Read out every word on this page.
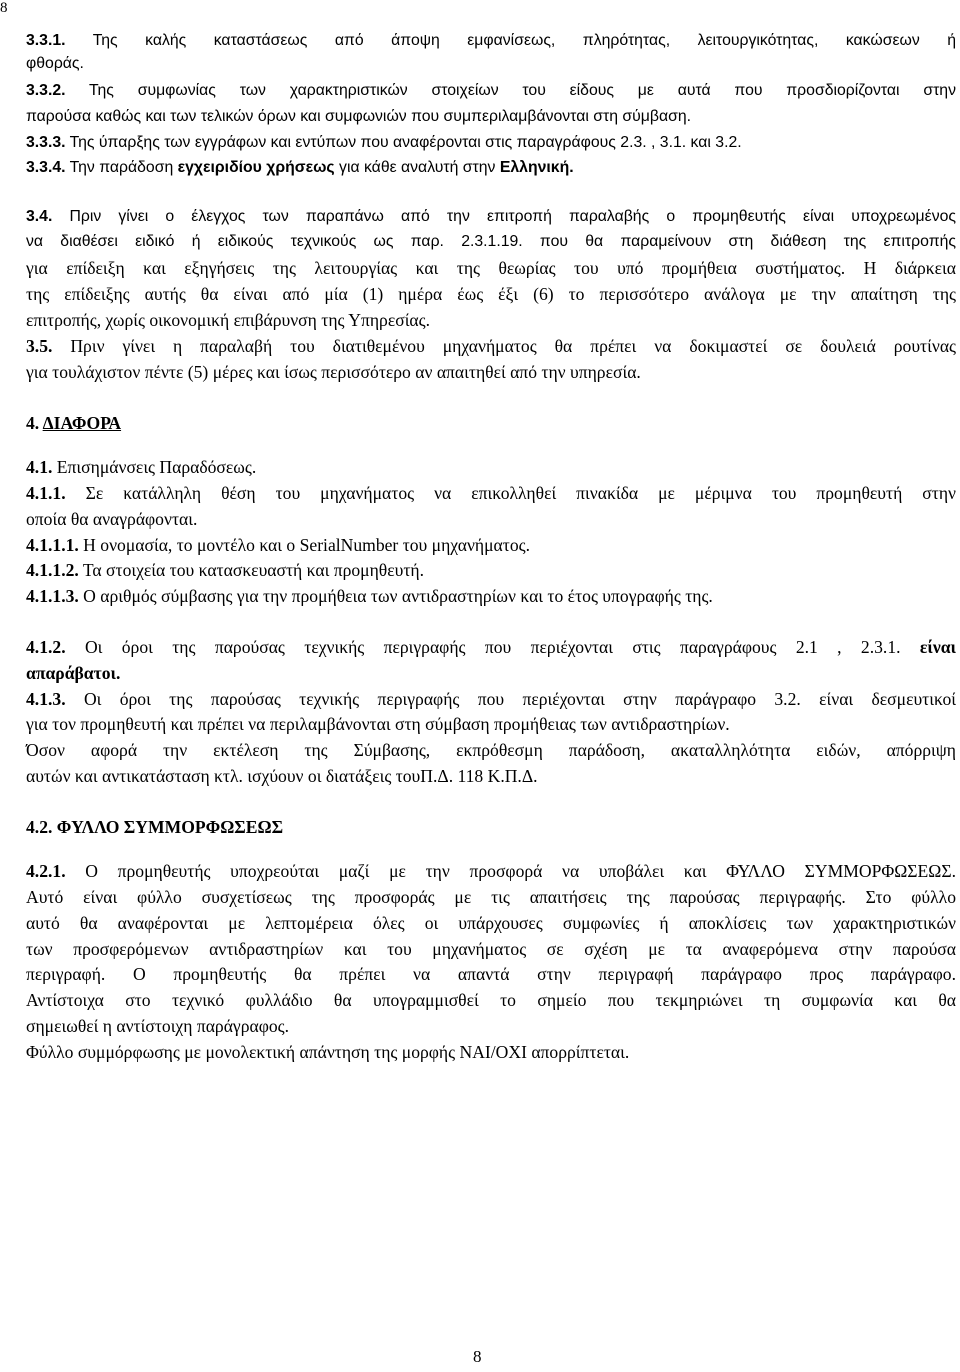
8
3.3.1. Της καλής καταστάσεως από άποψη εμφανίσεως, πληρότητας, λειτουργικότητας, κακώσεων ή
φθοράς.
3.3.2. Της συμφωνίας των χαρακτηριστικών στοιχείων του είδους με αυτά που προσδιορίζονται στην
παρούσα καθώς και των τελικών όρων και συμφωνιών που συμπεριλαμβάνονται στη σύμβαση.
3.3.3. Της ύπαρξης των εγγράφων και εντύπων που αναφέρονται στις παραγράφους 2.3. , 3.1. και 3.2.
3.3.4. Την παράδοση εγχειριδίου χρήσεως για κάθε αναλυτή στην Ελληνική.
3.4. Πριν γίνει ο έλεγχος των παραπάνω από την επιτροπή παραλαβής ο προμηθευτής είναι υποχρεωμένος
να διαθέσει ειδικό ή ειδικούς τεχνικούς ως παρ. 2.3.1.19. που θα παραμείνουν στη διάθεση της επιτροπής
για επίδειξη και εξηγήσεις της λειτουργίας και της θεωρίας του υπό προμήθεια συστήματος. Η διάρκεια
της επίδειξης αυτής θα είναι από μία (1) ημέρα έως έξι (6) το περισσότερο ανάλογα με την απαίτηση της
επιτροπής, χωρίς οικονομική επιβάρυνση της Υπηρεσίας.
3.5. Πριν γίνει η παραλαβή του διατιθεμένου μηχανήματος θα πρέπει να δοκιμαστεί σε δουλειά ρουτίνας
για τουλάχιστον πέντε (5) μέρες και ίσως περισσότερο αν απαιτηθεί από την υπηρεσία.
4. ΔΙΑΦΟΡΑ
4.1. Επισημάνσεις Παραδόσεως.
4.1.1. Σε κατάλληλη θέση του μηχανήματος να επικολληθεί πινακίδα με μέριμνα του προμηθευτή στην
οποία θα αναγράφονται.
4.1.1.1. Η ονομασία, το μοντέλο και ο SerialNumber του μηχανήματος.
4.1.1.2. Τα στοιχεία του κατασκευαστή και προμηθευτή.
4.1.1.3. Ο αριθμός σύμβασης για την προμήθεια των αντιδραστηρίων και το έτος υπογραφής της.
4.1.2. Οι όροι της παρούσας τεχνικής περιγραφής που περιέχονται στις παραγράφους 2.1 , 2.3.1. είναι
απαράβατοι.
4.1.3. Οι όροι της παρούσας τεχνικής περιγραφής που περιέχονται στην παράγραφο 3.2. είναι δεσμευτικοί
για τον προμηθευτή και πρέπει να περιλαμβάνονται στη σύμβαση προμήθειας των αντιδραστηρίων.
Όσον αφορά την εκτέλεση της Σύμβασης, εκπρόθεσμη παράδοση, ακαταλληλότητα ειδών, απόρριψη
αυτών και αντικατάσταση κτλ. ισχύουν οι διατάξεις τουΠ.Δ. 118 Κ.Π.Δ.
4.2. ΦΥΛΛΟ ΣΥΜΜΟΡΦΩΣΕΩΣ
4.2.1. Ο προμηθευτής υποχρεούται μαζί με την προσφορά να υποβάλει και ΦΥΛΛΟ ΣΥΜΜΟΡΦΩΣΕΩΣ.
Αυτό είναι φύλλο συσχετίσεως της προσφοράς με τις απαιτήσεις της παρούσας περιγραφής. Στο φύλλο
αυτό θα αναφέρονται με λεπτομέρεια όλες οι υπάρχουσες συμφωνίες ή αποκλίσεις των χαρακτηριστικών
των προσφερόμενων αντιδραστηρίων και του μηχανήματος σε σχέση με τα αναφερόμενα στην παρούσα
περιγραφή. Ο προμηθευτής θα πρέπει να απαντά στην περιγραφή παράγραφο προς παράγραφο.
Αντίστοιχα στο τεχνικό φυλλάδιο θα υπογραμμισθεί το σημείο που τεκμηριώνει τη συμφωνία και θα
σημειωθεί η αντίστοιχη παράγραφος.
Φύλλο συμμόρφωσης με μονολεκτική απάντηση της μορφής ΝΑΙ/ΟΧΙ απορρίπτεται.
8
